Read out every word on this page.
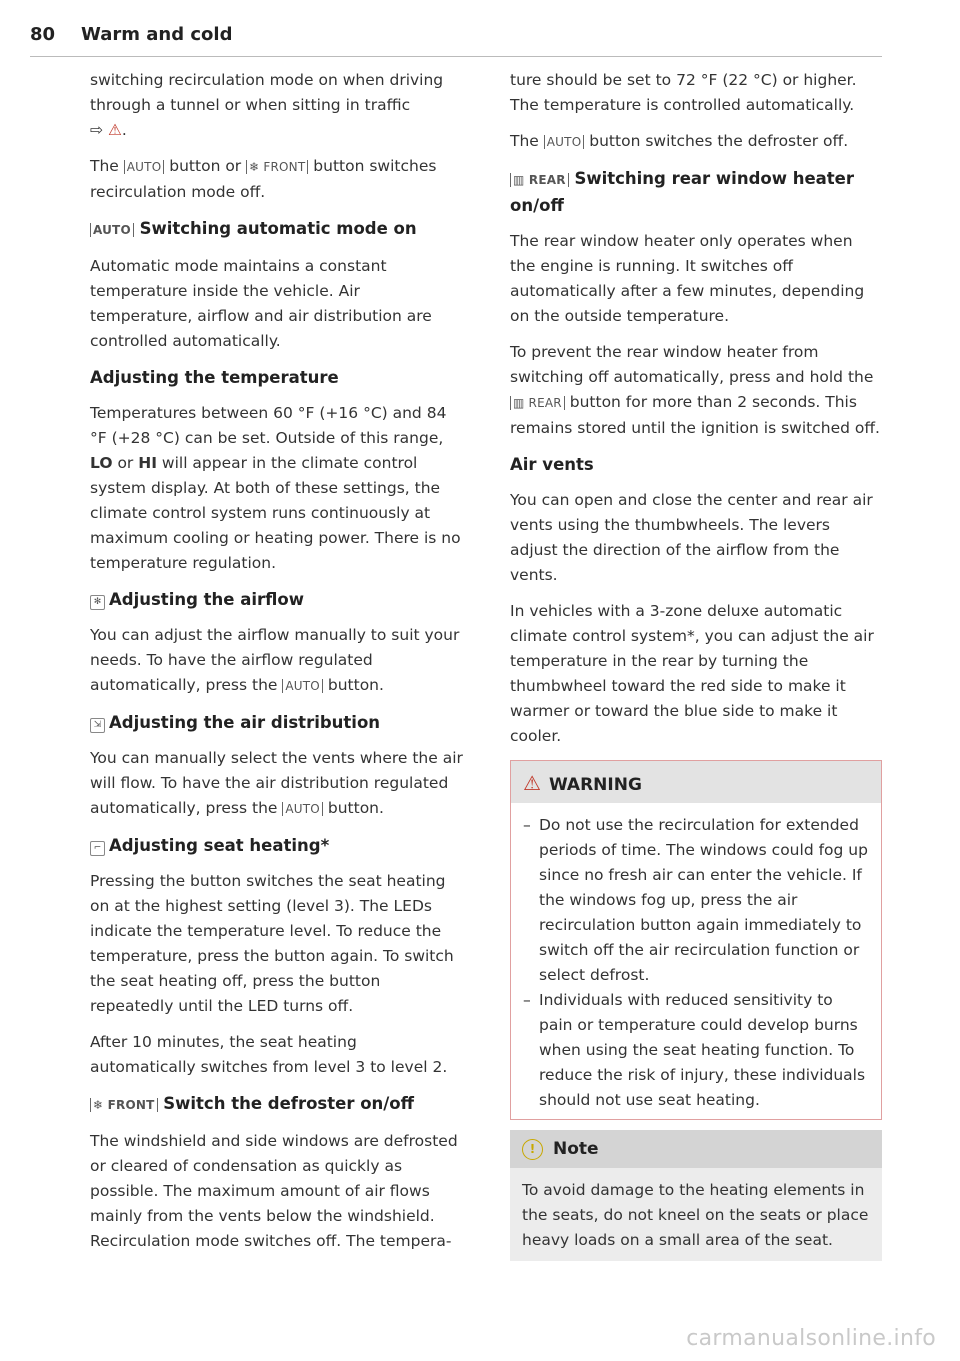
80 Warm and cold

switching recirculation mode on when driving through a tunnel or when sitting in traffic
⇨ ⚠.

The AUTO button or ❄ FRONT button switches recirculation mode off.

AUTO Switching automatic mode on

Automatic mode maintains a constant temperature inside the vehicle. Air temperature, airflow and air distribution are controlled automatically.

Adjusting the temperature

Temperatures between 60 °F (+16 °C) and 84 °F (+28 °C) can be set. Outside of this range, LO or HI will appear in the climate control system display. At both of these settings, the climate control system runs continuously at maximum cooling or heating power. There is no temperature regulation.

✻ Adjusting the airflow

You can adjust the airflow manually to suit your needs. To have the airflow regulated automatically, press the AUTO button.

⇲ Adjusting the air distribution

You can manually select the vents where the air will flow. To have the air distribution regulated automatically, press the AUTO button.

⌐ Adjusting seat heating*

Pressing the button switches the seat heating on at the highest setting (level 3). The LEDs indicate the temperature level. To reduce the temperature, press the button again. To switch the seat heating off, press the button repeatedly until the LED turns off.

After 10 minutes, the seat heating automatically switches from level 3 to level 2.

❄ FRONT Switch the defroster on/off

The windshield and side windows are defrosted or cleared of condensation as quickly as possible. The maximum amount of air flows mainly from the vents below the windshield. Recirculation mode switches off. The tempera-

ture should be set to 72 °F (22 °C) or higher. The temperature is controlled automatically.

The AUTO button switches the defroster off.

▥ REAR Switching rear window heater on/off

The rear window heater only operates when the engine is running. It switches off automatically after a few minutes, depending on the outside temperature.

To prevent the rear window heater from switching off automatically, press and hold the ▥ REAR button for more than 2 seconds. This remains stored until the ignition is switched off.

Air vents

You can open and close the center and rear air vents using the thumbwheels. The levers adjust the direction of the airflow from the vents.

In vehicles with a 3-zone deluxe automatic climate control system*, you can adjust the air temperature in the rear by turning the thumbwheel toward the red side to make it warmer or toward the blue side to make it cooler.

⚠ WARNING
– Do not use the recirculation for extended periods of time. The windows could fog up since no fresh air can enter the vehicle. If the windows fog up, press the air recirculation button again immediately to switch off the air recirculation function or select defrost.
– Individuals with reduced sensitivity to pain or temperature could develop burns when using the seat heating function. To reduce the risk of injury, these individuals should not use seat heating.
! Note
To avoid damage to the heating elements in the seats, do not kneel on the seats or place heavy loads on a small area of the seat.
carmanualsonline.info
